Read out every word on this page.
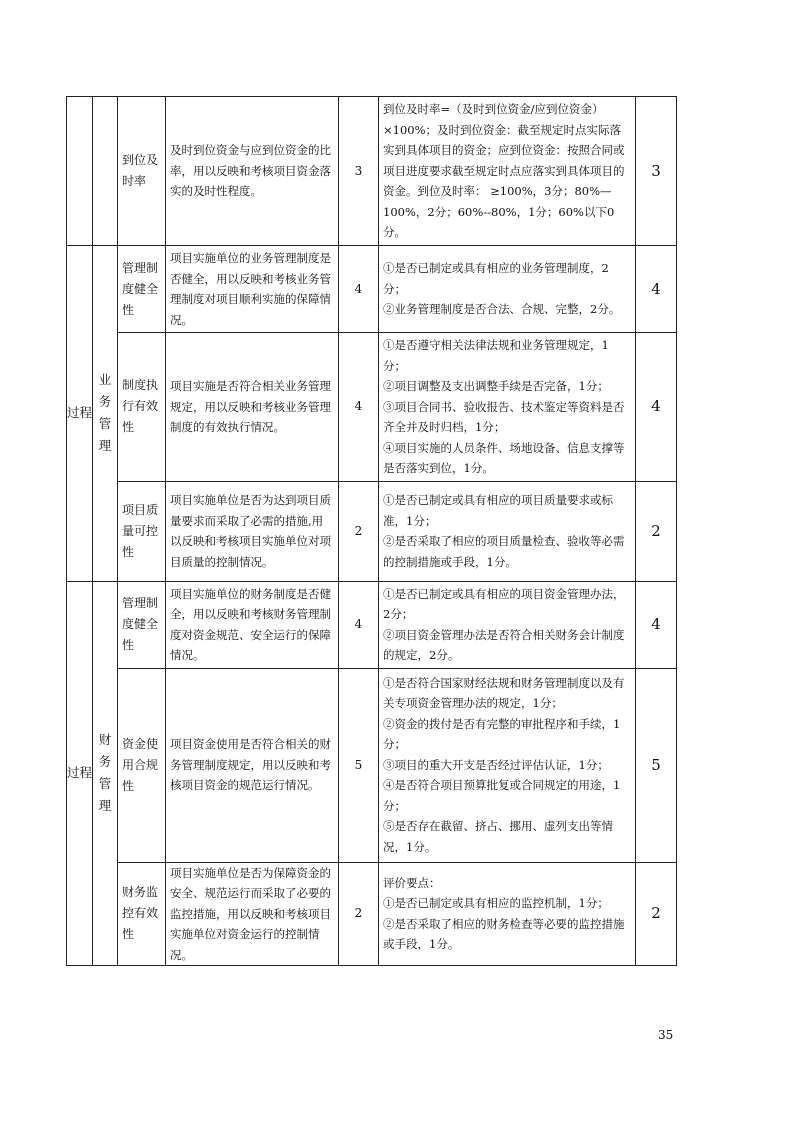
		到位及时率	及时到位资金与应到位资金的比率，用以反映和考核项目资金落实的及时性程度。	3	到位及时率=（及时到位资金/应到位资金）×100%；及时到位资金：截至规定时点实际落实到具体项目的资金；应到位资金：按照合同或项目进度要求截至规定时点应落实到具体项目的资金。到位及时率： ≥100%，3分；80%—100%，2分；60%--80%，1分；60%以下0分。	3

过程	业务管理	管理制度健全性	项目实施单位的业务管理制度是否健全，用以反映和考核业务管理制度对项目顺利实施的保障情况。	4	①是否已制定或具有相应的业务管理制度，2分；
②业务管理制度是否合法、合规、完整，2分。	4
		制度执行有效性	项目实施是否符合相关业务管理规定，用以反映和考核业务管理制度的有效执行情况。	4	①是否遵守相关法律法规和业务管理规定，1分；
②项目调整及支出调整手续是否完备，1分；
③项目合同书、验收报告、技术鉴定等资料是否齐全并及时归档，1分；
④项目实施的人员条件、场地设备、信息支撑等是否落实到位，1分。	4
		项目质量可控性	项目实施单位是否为达到项目质量要求而采取了必需的措施,用以反映和考核项目实施单位对项目质量的控制情况。	2	①是否已制定或具有相应的项目质量要求或标准，1分；
②是否采取了相应的项目质量检查、验收等必需的控制措施或手段，1分。	2

过程	财务管理	管理制度健全性	项目实施单位的财务制度是否健全，用以反映和考核财务管理制度对资金规范、安全运行的保障情况。	4	①是否已制定或具有相应的项目资金管理办法，2分；
②项目资金管理办法是否符合相关财务会计制度的规定，2分。	4
		资金使用合规性	项目资金使用是否符合相关的财务管理制度规定，用以反映和考核项目资金的规范运行情况。	5	①是否符合国家财经法规和财务管理制度以及有关专项资金管理办法的规定，1分；
②资金的拨付是否有完整的审批程序和手续，1分；
③项目的重大开支是否经过评估认证，1分；
④是否符合项目预算批复或合同规定的用途，1分；
⑤是否存在截留、挤占、挪用、虚列支出等情况，1分。	5
		财务监控有效性	项目实施单位是否为保障资金的安全、规范运行而采取了必要的监控措施，用以反映和考核项目实施单位对资金运行的控制情况。	2	评价要点：
①是否已制定或具有相应的监控机制，1分；
②是否采取了相应的财务检查等必要的监控措施或手段，1分。	2
35
